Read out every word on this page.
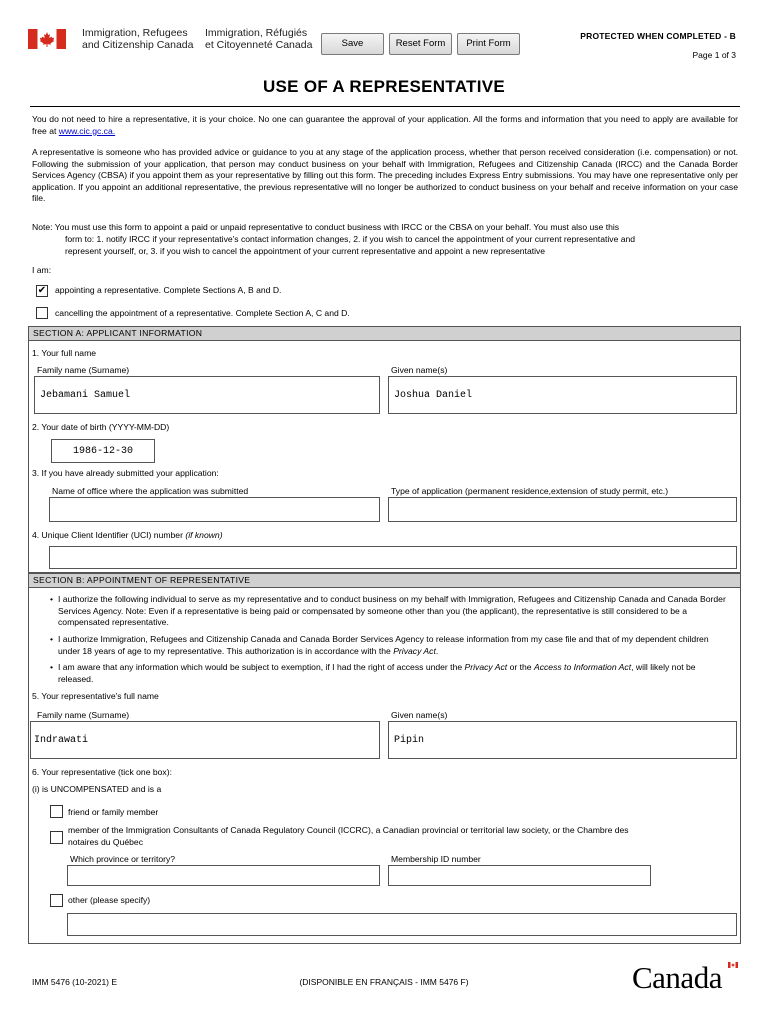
Immigration, Refugees
and Citizenship Canada
Immigration, Réfugiés
et Citoyenneté Canada	Save	Reset Form	Print Form
PROTECTED WHEN COMPLETED - B
Page 1 of 3
USE OF A REPRESENTATIVE
You do not need to hire a representative, it is your choice. No one can guarantee the approval of your application. All the forms and information that you need to apply are available for free at www.cic.gc.ca.
A representative is someone who has provided advice or guidance to you at any stage of the application process, whether that person received consideration (i.e. compensation) or not. Following the submission of your application, that person may conduct business on your behalf with Immigration, Refugees and Citizenship Canada (IRCC) and the Canada Border Services Agency (CBSA) if you appoint them as your representative by filling out this form. The preceding includes Express Entry submissions. You may have one representative only per application. If you appoint an additional representative, the previous representative will no longer be authorized to conduct business on your behalf and receive information on your case file.
Note: You must use this form to appoint a paid or unpaid representative to conduct business with IRCC or the CBSA on your behalf. You must also use this
form to: 1. notify IRCC if your representative's contact information changes, 2. if you wish to cancel the appointment of your current representative and
represent yourself, or, 3. if you wish to cancel the appointment of your current representative and appoint a new representative
I am:
✔ appointing a representative. Complete Sections A, B and D.
cancelling the appointment of a representative. Complete Section A, C and D.
SECTION A: APPLICANT INFORMATION
1. Your full name
Family name (Surname)	Given name(s)
Jebamani Samuel	Joshua Daniel
2. Your date of birth (YYYY-MM-DD)
1986-12-30
3. If you have already submitted your application:
Name of office where the application was submitted	Type of application (permanent residence,extension of study permit, etc.)
4. Unique Client Identifier (UCI) number (if known)
SECTION B: APPOINTMENT OF REPRESENTATIVE
• I authorize the following individual to serve as my representative and to conduct business on my behalf with Immigration, Refugees and Citizenship Canada and Canada Border Services Agency. Note: Even if a representative is being paid or compensated by someone other than you (the applicant), the representative is still considered to be a compensated representative.
• I authorize Immigration, Refugees and Citizenship Canada and Canada Border Services Agency to release information from my case file and that of my dependent children under 18 years of age to my representative. This authorization is in accordance with the Privacy Act.
• I am aware that any information which would be subject to exemption, if I had the right of access under the Privacy Act or the Access to Information Act, will likely not be released.
5. Your representative's full name
Family name (Surname)	Given name(s)
Indrawati	Pipin
6. Your representative (tick one box):
(i) is UNCOMPENSATED and is a
friend or family member
member of the Immigration Consultants of Canada Regulatory Council (ICCRC), a Canadian provincial or territorial law society, or the Chambre des
notaires du Québec
Which province or territory?	Membership ID number
other (please specify)
IMM 5476 (10-2021) E	(DISPONIBLE EN FRANÇAIS - IMM 5476 F)	Canada
